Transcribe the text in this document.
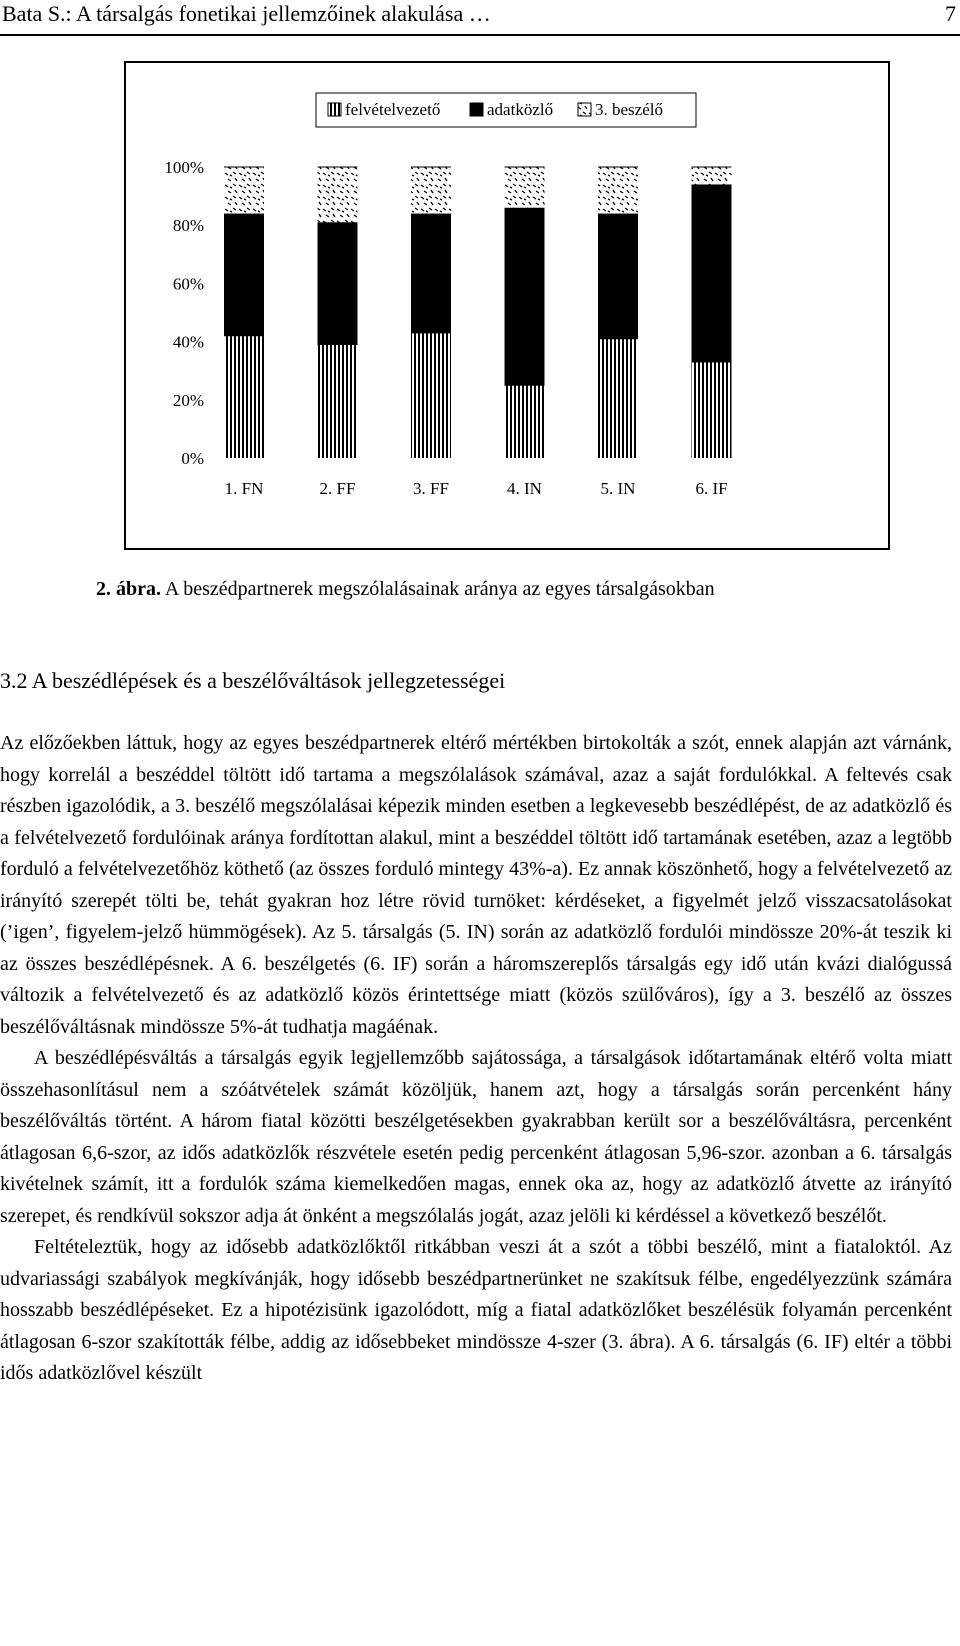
Bata S.: A társalgás fonetikai jellemzőinek alakulása …	7
felvételvezető	adatközlő 3. beszélő
0%
20%
40%
60%
80%
100%
1. FN	2. FF	3. FF	4. IN	5. IN	6. IF
2. ábra. A beszédpartnerek megszólalásainak aránya az egyes társalgásokban
3.2 A beszédlépések és a beszélőváltások jellegzetességei

Az előzőekben láttuk, hogy az egyes beszédpartnerek eltérő mértékben birtokolták a szót, ennek alapján azt várnánk, hogy korrelál a beszéddel töltött idő tartama a megszólalások számával, azaz a saját fordulókkal. A feltevés csak részben igazolódik, a 3. beszélő megszólalásai képezik minden esetben a legkevesebb beszédlépést, de az adatközlő és a felvételvezető fordulóinak aránya fordítottan alakul, mint a beszéddel töltött idő tartamának esetében, azaz a legtöbb forduló a felvételvezetőhöz köthető (az összes forduló mintegy 43%-a). Ez annak köszönhető, hogy a felvételvezető az irányító szerepét tölti be, tehát gyakran hoz létre rövid turnöket: kérdéseket, a figyelmét jelző visszacsatolásokat (’igen’, figyelem-jelző hümmögések). Az 5. társalgás (5. IN) során az adatközlő fordulói mindössze 20%-át teszik ki az összes beszédlépésnek. A 6. beszélgetés (6. IF) során a háromszereplős társalgás egy idő után kvázi dialógussá változik a felvételvezető és az adatközlő közös érintettsége miatt (közös szülőváros), így a 3. beszélő az összes beszélőváltásnak mindössze 5%-át tudhatja magáénak.

A beszédlépésváltás a társalgás egyik legjellemzőbb sajátossága, a társalgások időtartamának eltérő volta miatt összehasonlításul nem a szóátvételek számát közöljük, hanem azt, hogy a társalgás során percenként hány beszélőváltás történt. A három fiatal közötti beszélgetésekben gyakrabban került sor a beszélőváltásra, percenként átlagosan 6,6-szor, az idős adatközlők részvétele esetén pedig percenként átlagosan 5,96-szor. azonban a 6. társalgás kivételnek számít, itt a fordulók száma kiemelkedően magas, ennek oka az, hogy az adatközlő átvette az irányító szerepet, és rendkívül sokszor adja át önként a megszólalás jogát, azaz jelöli ki kérdéssel a következő beszélőt.

Feltételeztük, hogy az idősebb adatközlőktől ritkábban veszi át a szót a többi beszélő, mint a fiataloktól. Az udvariassági szabályok megkívánják, hogy idősebb beszédpartnerünket ne szakítsuk félbe, engedélyezzünk számára hosszabb beszédlépéseket. Ez a hipotézisünk igazolódott, míg a fiatal adatközlőket beszélésük folyamán percenként átlagosan 6-szor szakították félbe, addig az idősebbeket mindössze 4-szer (3. ábra). A 6. társalgás (6. IF) eltér a többi idős adatközlővel készült
